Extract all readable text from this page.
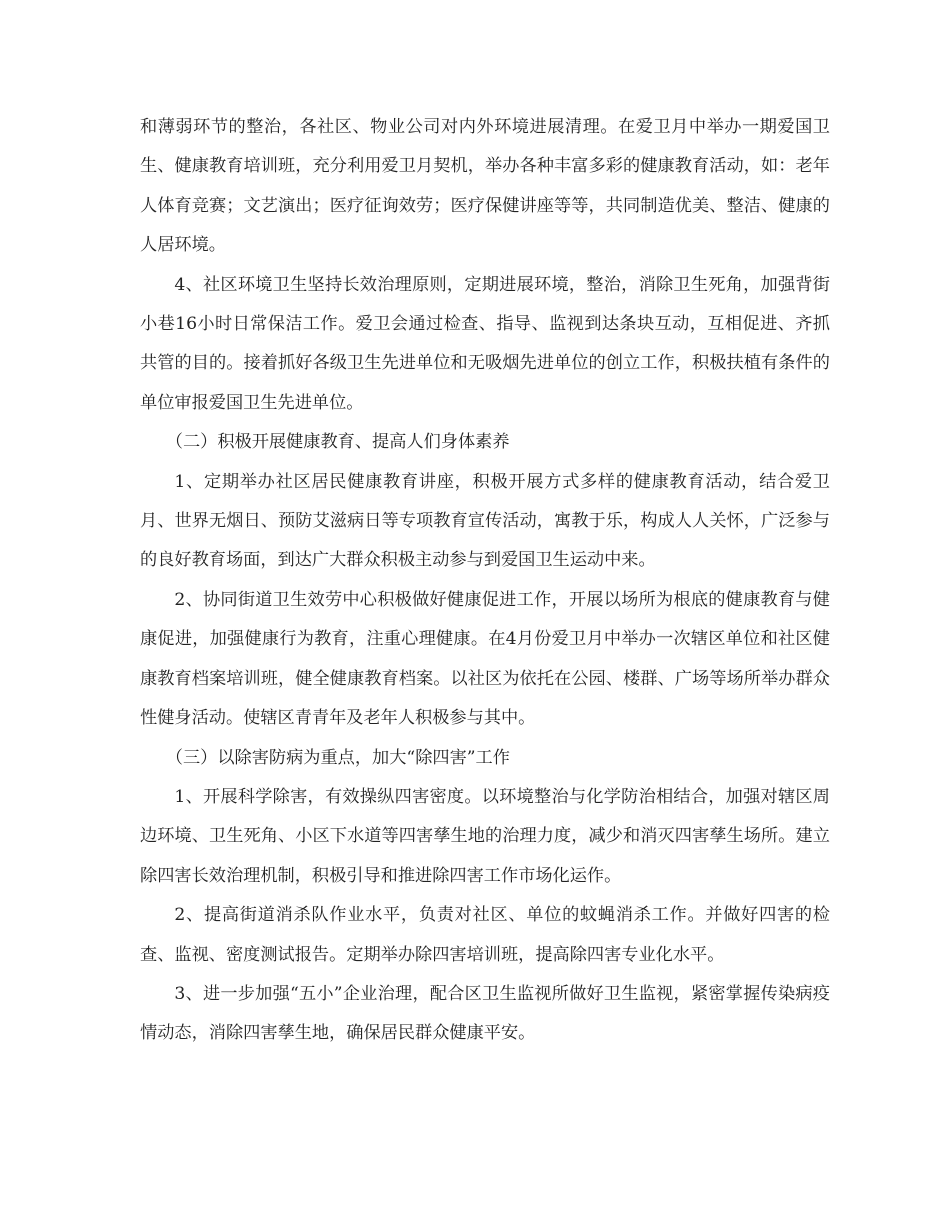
和薄弱环节的整治，各社区、物业公司对内外环境进展清理。在爱卫月中举办一期爱国卫生、健康教育培训班，充分利用爱卫月契机，举办各种丰富多彩的健康教育活动，如：老年人体育竞赛；文艺演出；医疗征询效劳；医疗保健讲座等等，共同制造优美、整洁、健康的人居环境。

4、社区环境卫生坚持长效治理原则，定期进展环境，整治，消除卫生死角，加强背街小巷16小时日常保洁工作。爱卫会通过检查、指导、监视到达条块互动，互相促进、齐抓共管的目的。接着抓好各级卫生先进单位和无吸烟先进单位的创立工作，积极扶植有条件的单位审报爱国卫生先进单位。

（二）积极开展健康教育、提高人们身体素养

1、定期举办社区居民健康教育讲座，积极开展方式多样的健康教育活动，结合爱卫月、世界无烟日、预防艾滋病日等专项教育宣传活动，寓教于乐，构成人人关怀，广泛参与的良好教育场面，到达广大群众积极主动参与到爱国卫生运动中来。

2、协同街道卫生效劳中心积极做好健康促进工作，开展以场所为根底的健康教育与健康促进，加强健康行为教育，注重心理健康。在4月份爱卫月中举办一次辖区单位和社区健康教育档案培训班，健全健康教育档案。以社区为依托在公园、楼群、广场等场所举办群众性健身活动。使辖区青青年及老年人积极参与其中。

（三）以除害防病为重点，加大“除四害”工作

1、开展科学除害，有效操纵四害密度。以环境整治与化学防治相结合，加强对辖区周边环境、卫生死角、小区下水道等四害孳生地的治理力度，减少和消灭四害孳生场所。建立除四害长效治理机制，积极引导和推进除四害工作市场化运作。

2、提高街道消杀队作业水平，负责对社区、单位的蚊蝇消杀工作。并做好四害的检查、监视、密度测试报告。定期举办除四害培训班，提高除四害专业化水平。

3、进一步加强“五小”企业治理，配合区卫生监视所做好卫生监视，紧密掌握传染病疫情动态，消除四害孳生地，确保居民群众健康平安。
